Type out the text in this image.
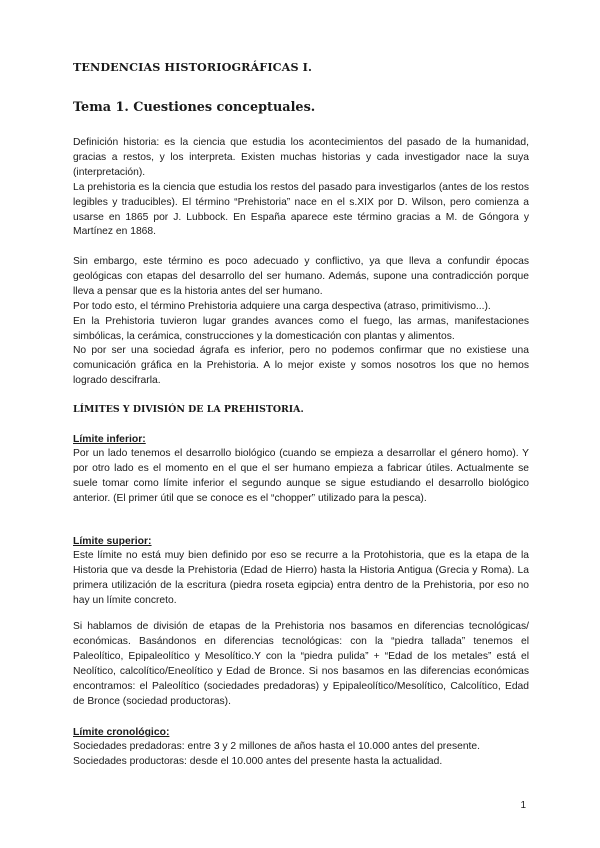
TENDENCIAS HISTORIOGRÁFICAS I.
Tema 1. Cuestiones conceptuales.

Definición historia: es la ciencia que estudia los acontecimientos del pasado de la humanidad, gracias a restos, y los interpreta. Existen muchas historias y cada investigador nace la suya (interpretación).

La prehistoria es la ciencia que estudia los restos del pasado para investigarlos (antes de los restos legibles y traducibles). El término “Prehistoria” nace en el s.XIX por D. Wilson, pero comienza a usarse en 1865 por J. Lubbock. En España aparece este término gracias a M. de Góngora y Martínez en 1868.

Sin embargo, este término es poco adecuado y conflictivo, ya que lleva a confundir épocas geológicas con etapas del desarrollo del ser humano. Además, supone una contradicción porque lleva a pensar que es la historia antes del ser humano.

Por todo esto, el término Prehistoria adquiere una carga despectiva (atraso, primitivismo...).

En la Prehistoria tuvieron lugar grandes avances como el fuego, las armas, manifestaciones simbólicas, la cerámica, construcciones y la domesticación con plantas y alimentos.

No por ser una sociedad ágrafa es inferior, pero no podemos confirmar que no existiese una comunicación gráfica en la Prehistoria. A lo mejor existe y somos nosotros los que no hemos logrado descifrarla.

LÍMITES Y DIVISIÓN DE LA PREHISTORIA.

Límite inferior:

Por un lado tenemos el desarrollo biológico (cuando se empieza a desarrollar el género homo). Y por otro lado es el momento en el que el ser humano empieza a fabricar útiles. Actualmente se suele tomar como límite inferior el segundo aunque se sigue estudiando el desarrollo biológico anterior. (El primer útil que se conoce es el “chopper” utilizado para la pesca).

Límite superior:

Este límite no está muy bien definido por eso se recurre a la Protohistoria, que es la etapa de la Historia que va desde la Prehistoria (Edad de Hierro) hasta la Historia Antigua (Grecia y Roma). La primera utilización de la escritura (piedra roseta egipcia) entra dentro de la Prehistoria, por eso no hay un límite concreto.

Si hablamos de división de etapas de la Prehistoria nos basamos en diferencias tecnológicas/ económicas. Basándonos en diferencias tecnológicas: con la “piedra tallada” tenemos el Paleolítico, Epipaleolítico y Mesolítico.Y con la “piedra pulida” + “Edad de los metales” está el Neolítico, calcolítico/Eneolítico y Edad de Bronce. Si nos basamos en las diferencias económicas encontramos: el Paleolítico (sociedades predadoras) y Epipaleolítico/Mesolítico, Calcolítico, Edad de Bronce (sociedad productoras).

Límite cronológico:

Sociedades predadoras: entre 3 y 2 millones de años hasta el 10.000 antes del presente.

Sociedades productoras: desde el 10.000 antes del presente hasta la actualidad.

1
